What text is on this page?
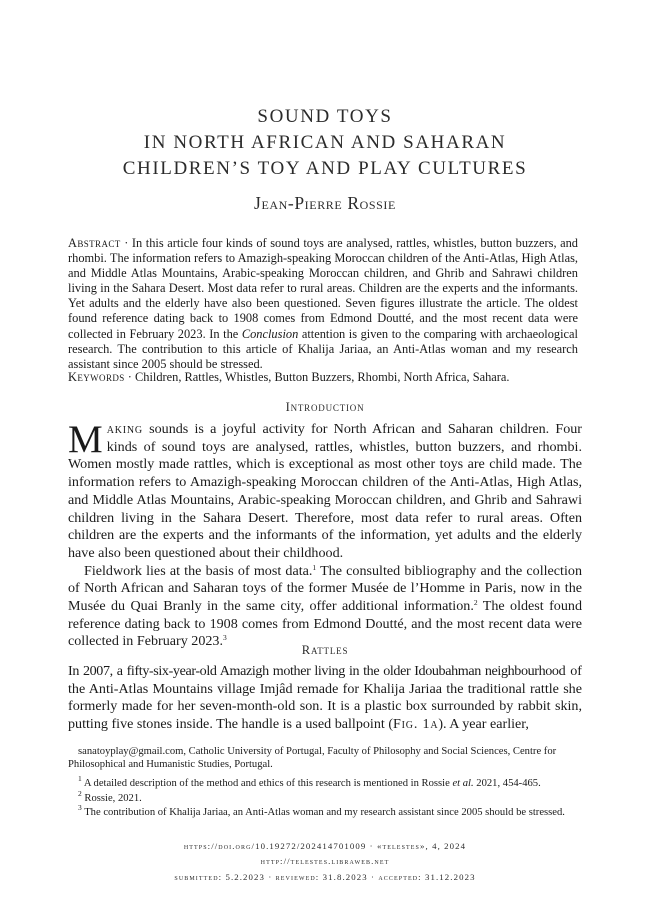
SOUND TOYS
IN NORTH AFRICAN AND SAHARAN
CHILDREN’S TOY AND PLAY CULTURES
Jean-Pierre Rossie
Abstract · In this article four kinds of sound toys are analysed, rattles, whistles, button buzzers, and rhombi. The information refers to Amazigh-speaking Moroccan children of the Anti-Atlas, High Atlas, and Middle Atlas Mountains, Arabic-speaking Moroccan children, and Ghrib and Sahrawi children living in the Sahara Desert. Most data refer to rural areas. Children are the experts and the informants. Yet adults and the elderly have also been questioned. Seven figures illustrate the article. The oldest found reference dating back to 1908 comes from Edmond Doutté, and the most recent data were collected in February 2023. In the Conclusion attention is given to the comparing with archaeological research. The contribution to this article of Khalija Jariaa, an Anti-Atlas woman and my research assistant since 2005 should be stressed.
Keywords · Children, Rattles, Whistles, Button Buzzers, Rhombi, North Africa, Sahara.
Introduction

Making sounds is a joyful activity for North African and Saharan children. Four kinds of sound toys are analysed, rattles, whistles, button buzzers, and rhombi. Women mostly made rattles, which is exceptional as most other toys are child made. The information refers to Amazigh-speaking Moroccan children of the Anti-Atlas, High Atlas, and Middle Atlas Mountains, Arabic-speaking Moroccan children, and Ghrib and Sahrawi children living in the Sahara Desert. Therefore, most data refer to rural areas. Often children are the experts and the informants of the information, yet adults and the elderly have also been questioned about their childhood.

Fieldwork lies at the basis of most data.$^1$ The consulted bibliography and the collection of North African and Saharan toys of the former Musée de l’Homme in Paris, now in the Musée du Quai Branly in the same city, offer additional information.$^2$ The oldest found reference dating back to 1908 comes from Edmond Doutté, and the most recent data were collected in February 2023.$^3$

Rattles

In 2007, a fifty-six-year-old Amazigh mother living in the older Idoubahman neighbourhood of the Anti-Atlas Mountains village Imjâd remade for Khalija Jariaa the traditional rattle she formerly made for her seven-month-old son. It is a plastic box surrounded by rabbit skin, putting five stones inside. The handle is a used ballpoint (Fig. 1a). A year earlier,

sanatoyplay@gmail.com, Catholic University of Portugal, Faculty of Philosophy and Social Sciences, Centre for Philosophical and Humanistic Studies, Portugal.

$^1$ A detailed description of the method and ethics of this research is mentioned in Rossie et al. 2021, 454-465.

$^2$ Rossie, 2021.

$^3$ The contribution of Khalija Jariaa, an Anti-Atlas woman and my research assistant since 2005 should be stressed.

https://doi.org/10.19272/202414701009 · «telestes», 4, 2024
http://telestes.libraweb.net
submitted: 5.2.2023 · reviewed: 31.8.2023 · accepted: 31.12.2023
